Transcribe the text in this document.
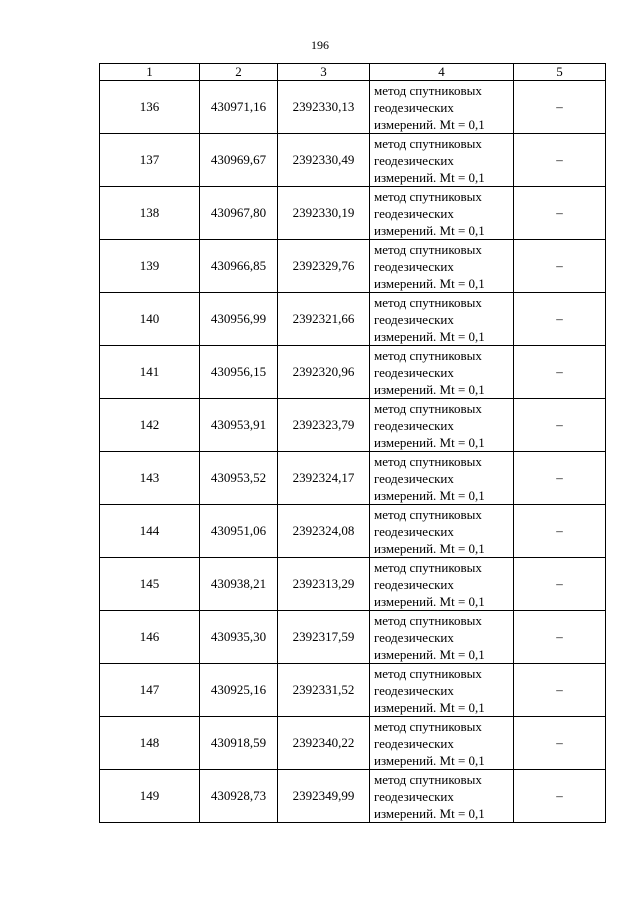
196
1	2	3	4	5
136	430971,16	2392330,13	метод спутниковых
геодезических
измерений. Mt = 0,1	–
137	430969,67	2392330,49	метод спутниковых
геодезических
измерений. Mt = 0,1	–
138	430967,80	2392330,19	метод спутниковых
геодезических
измерений. Mt = 0,1	–
139	430966,85	2392329,76	метод спутниковых
геодезических
измерений. Mt = 0,1	–
140	430956,99	2392321,66	метод спутниковых
геодезических
измерений. Mt = 0,1	–
141	430956,15	2392320,96	метод спутниковых
геодезических
измерений. Mt = 0,1	–
142	430953,91	2392323,79	метод спутниковых
геодезических
измерений. Mt = 0,1	–
143	430953,52	2392324,17	метод спутниковых
геодезических
измерений. Mt = 0,1	–
144	430951,06	2392324,08	метод спутниковых
геодезических
измерений. Mt = 0,1	–
145	430938,21	2392313,29	метод спутниковых
геодезических
измерений. Mt = 0,1	–
146	430935,30	2392317,59	метод спутниковых
геодезических
измерений. Mt = 0,1	–
147	430925,16	2392331,52	метод спутниковых
геодезических
измерений. Mt = 0,1	–
148	430918,59	2392340,22	метод спутниковых
геодезических
измерений. Mt = 0,1	–
149	430928,73	2392349,99	метод спутниковых
геодезических
измерений. Mt = 0,1	–
